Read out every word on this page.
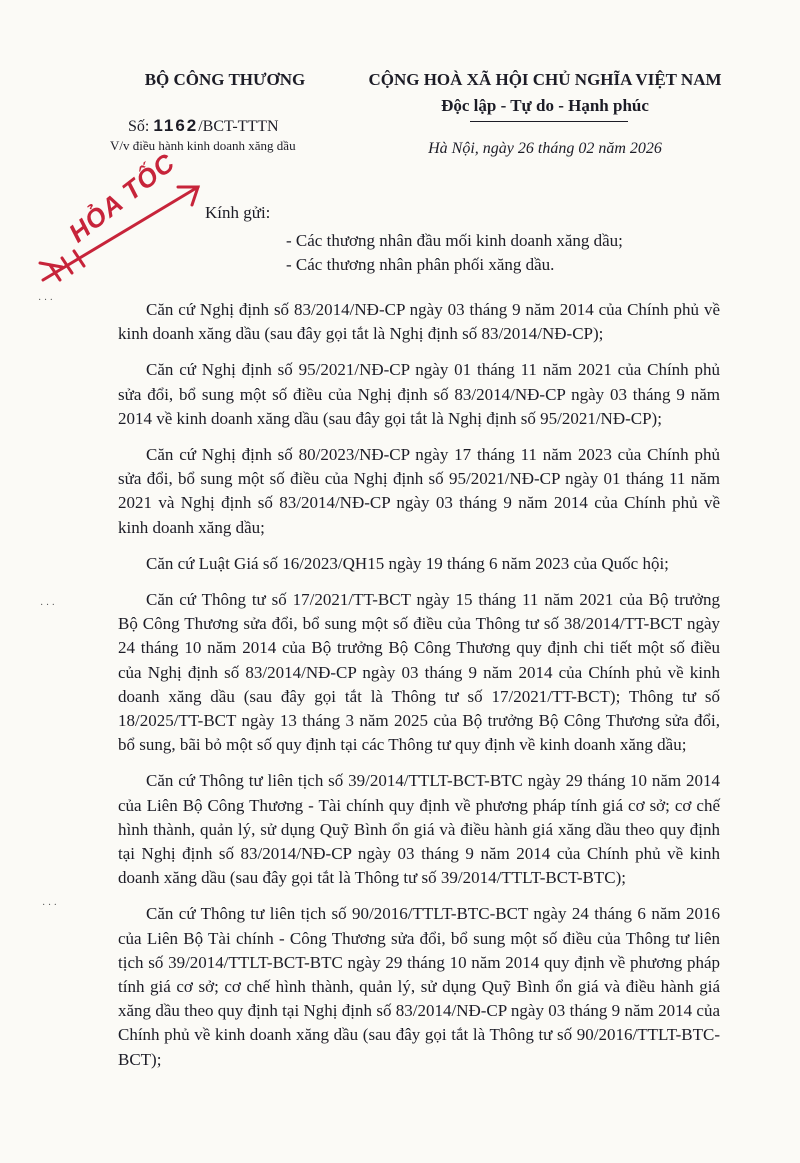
BỘ CÔNG THƯƠNG
Số: 1162/BCT-TTTN
V/v điều hành kinh doanh xăng dầu
CỘNG HOÀ XÃ HỘI CHỦ NGHĨA VIỆT NAM
Độc lập - Tự do - Hạnh phúc
Hà Nội, ngày 26 tháng 02 năm 2026
HỎA TỐC Kính gửi:
- Các thương nhân đầu mối kinh doanh xăng dầu;
- Các thương nhân phân phối xăng dầu.

Căn cứ Nghị định số 83/2014/NĐ-CP ngày 03 tháng 9 năm 2014 của Chính phủ về kinh doanh xăng dầu (sau đây gọi tắt là Nghị định số 83/2014/NĐ-CP);

Căn cứ Nghị định số 95/2021/NĐ-CP ngày 01 tháng 11 năm 2021 của Chính phủ sửa đổi, bổ sung một số điều của Nghị định số 83/2014/NĐ-CP ngày 03 tháng 9 năm 2014 về kinh doanh xăng dầu (sau đây gọi tắt là Nghị định số 95/2021/NĐ-CP);

Căn cứ Nghị định số 80/2023/NĐ-CP ngày 17 tháng 11 năm 2023 của Chính phủ sửa đổi, bổ sung một số điều của Nghị định số 95/2021/NĐ-CP ngày 01 tháng 11 năm 2021 và Nghị định số 83/2014/NĐ-CP ngày 03 tháng 9 năm 2014 của Chính phủ về kinh doanh xăng dầu;

Căn cứ Luật Giá số 16/2023/QH15 ngày 19 tháng 6 năm 2023 của Quốc hội;

Căn cứ Thông tư số 17/2021/TT-BCT ngày 15 tháng 11 năm 2021 của Bộ trưởng Bộ Công Thương sửa đổi, bổ sung một số điều của Thông tư số 38/2014/TT-BCT ngày 24 tháng 10 năm 2014 của Bộ trưởng Bộ Công Thương quy định chi tiết một số điều của Nghị định số 83/2014/NĐ-CP ngày 03 tháng 9 năm 2014 của Chính phủ về kinh doanh xăng dầu (sau đây gọi tắt là Thông tư số 17/2021/TT-BCT); Thông tư số 18/2025/TT-BCT ngày 13 tháng 3 năm 2025 của Bộ trưởng Bộ Công Thương sửa đổi, bổ sung, bãi bỏ một số quy định tại các Thông tư quy định về kinh doanh xăng dầu;

Căn cứ Thông tư liên tịch số 39/2014/TTLT-BCT-BTC ngày 29 tháng 10 năm 2014 của Liên Bộ Công Thương - Tài chính quy định về phương pháp tính giá cơ sở; cơ chế hình thành, quản lý, sử dụng Quỹ Bình ổn giá và điều hành giá xăng dầu theo quy định tại Nghị định số 83/2014/NĐ-CP ngày 03 tháng 9 năm 2014 của Chính phủ về kinh doanh xăng dầu (sau đây gọi tắt là Thông tư số 39/2014/TTLT-BCT-BTC);

Căn cứ Thông tư liên tịch số 90/2016/TTLT-BTC-BCT ngày 24 tháng 6 năm 2016 của Liên Bộ Tài chính - Công Thương sửa đổi, bổ sung một số điều của Thông tư liên tịch số 39/2014/TTLT-BCT-BTC ngày 29 tháng 10 năm 2014 quy định về phương pháp tính giá cơ sở; cơ chế hình thành, quản lý, sử dụng Quỹ Bình ổn giá và điều hành giá xăng dầu theo quy định tại Nghị định số 83/2014/NĐ-CP ngày 03 tháng 9 năm 2014 của Chính phủ về kinh doanh xăng dầu (sau đây gọi tắt là Thông tư số 90/2016/TTLT-BTC-BCT);

· · ·
· · ·
· · ·
